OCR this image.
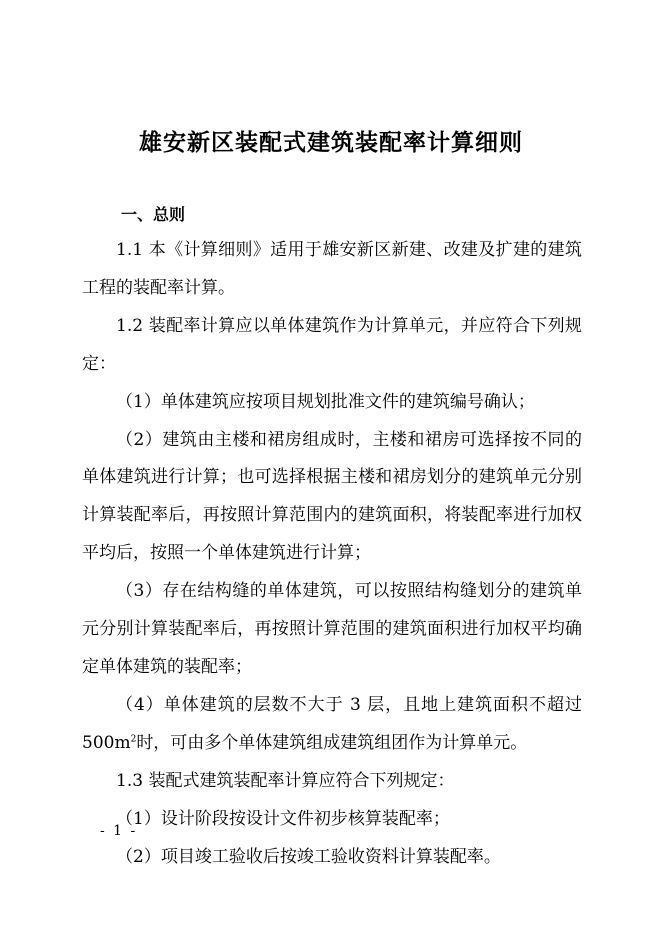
雄安新区装配式建筑装配率计算细则
一、总则

1.1 本《计算细则》适用于雄安新区新建、改建及扩建的建筑工程的装配率计算。

1.2 装配率计算应以单体建筑作为计算单元，并应符合下列规定：

（1）单体建筑应按项目规划批准文件的建筑编号确认；

（2）建筑由主楼和裙房组成时，主楼和裙房可选择按不同的单体建筑进行计算；也可选择根据主楼和裙房划分的建筑单元分别计算装配率后，再按照计算范围内的建筑面积，将装配率进行加权平均后，按照一个单体建筑进行计算；

（3）存在结构缝的单体建筑，可以按照结构缝划分的建筑单元分别计算装配率后，再按照计算范围的建筑面积进行加权平均确定单体建筑的装配率；

（4）单体建筑的层数不大于 3 层，且地上建筑面积不超过 $500m^2$时，可由多个单体建筑组成建筑组团作为计算单元。

1.3 装配式建筑装配率计算应符合下列规定：

（1）设计阶段按设计文件初步核算装配率；

（2）项目竣工验收后按竣工验收资料计算装配率。

- 1 -
